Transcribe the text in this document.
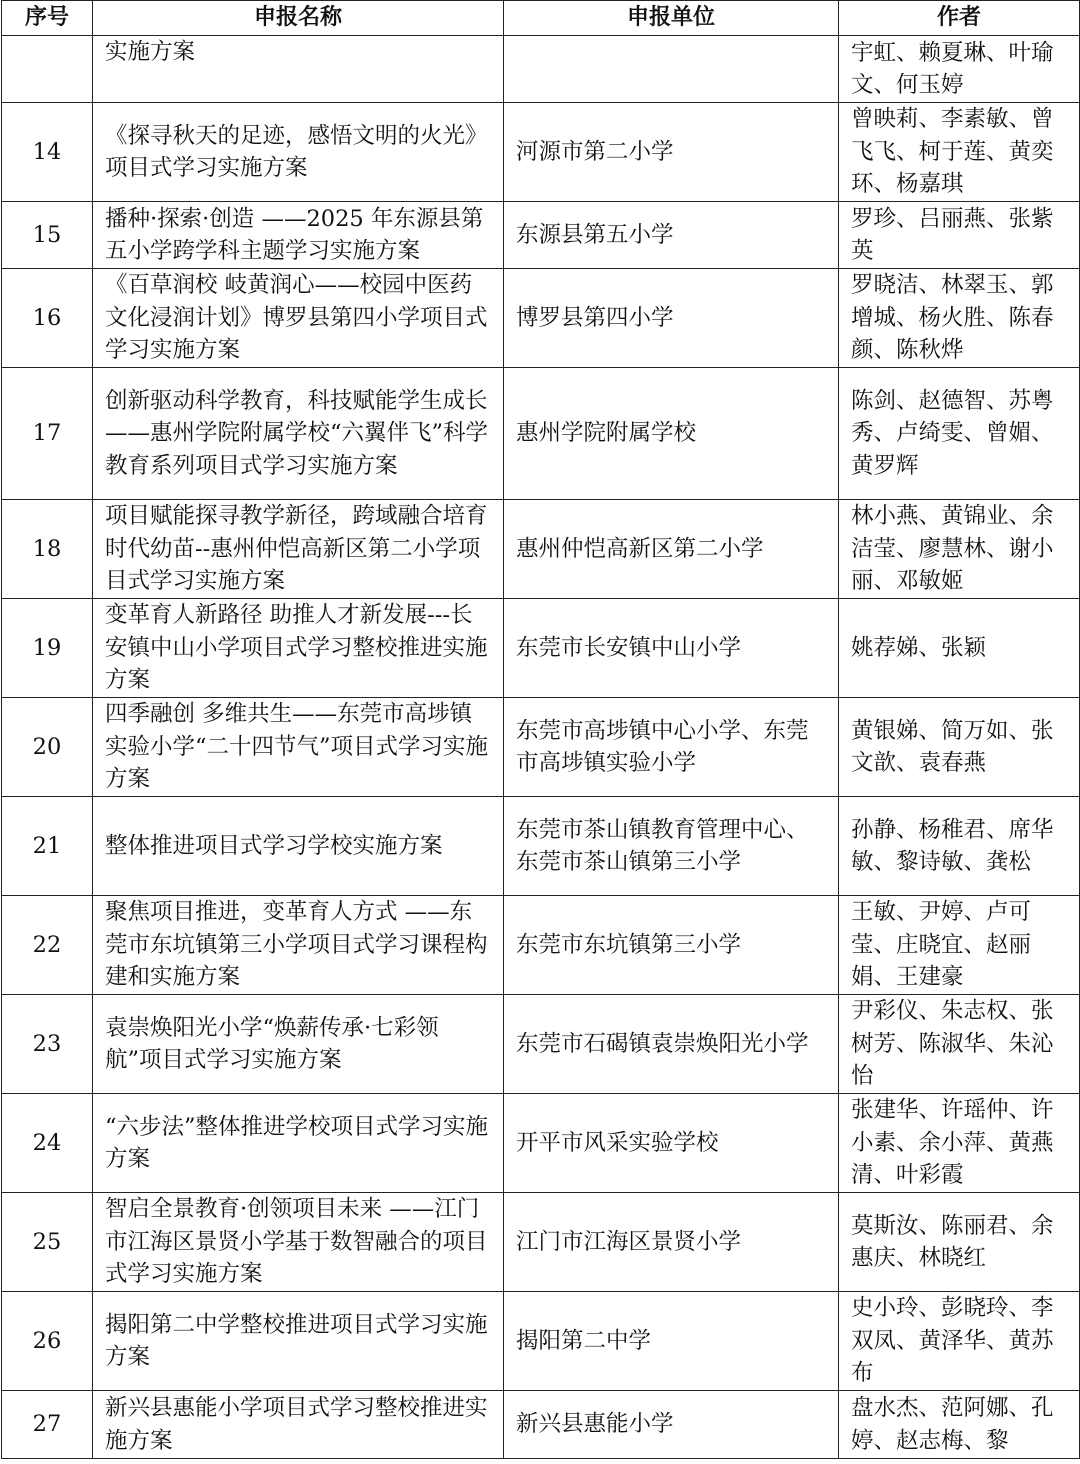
序号	申报名称	申报单位	作者
	实施方案		宇虹、赖夏琳、叶瑜文、何玉婷
14	《探寻秋天的足迹，感悟文明的火光》项目式学习实施方案	河源市第二小学	曾映莉、李素敏、曾飞飞、柯于莲、黄奕环、杨嘉琪
15	播种·探索·创造 ——2025 年东源县第五小学跨学科主题学习实施方案	东源县第五小学	罗珍、吕丽燕、张紫英
16	《百草润校 岐黄润心——校园中医药文化浸润计划》博罗县第四小学项目式学习实施方案	博罗县第四小学	罗晓洁、林翠玉、郭增城、杨火胜、陈春颜、陈秋烨
17	创新驱动科学教育，科技赋能学生成长 ——惠州学院附属学校“六翼伴飞”科学教育系列项目式学习实施方案	惠州学院附属学校	陈剑、赵德智、苏粤秀、卢绮雯、曾媚、黄罗辉
18	项目赋能探寻教学新径，跨域融合培育时代幼苗--惠州仲恺高新区第二小学项目式学习实施方案	惠州仲恺高新区第二小学	林小燕、黄锦业、余洁莹、廖慧林、谢小丽、邓敏姬
19	变革育人新路径 助推人才新发展---长安镇中山小学项目式学习整校推进实施方案	东莞市长安镇中山小学	姚荐娣、张颖
20	四季融创 多维共生——东莞市高埗镇实验小学“二十四节气”项目式学习实施方案	东莞市高埗镇中心小学、东莞市高埗镇实验小学	黄银娣、简万如、张文歆、袁春燕
21	整体推进项目式学习学校实施方案	东莞市茶山镇教育管理中心、东莞市茶山镇第三小学	孙静、杨稚君、席华敏、黎诗敏、龚松
22	聚焦项目推进，变革育人方式 ——东莞市东坑镇第三小学项目式学习课程构建和实施方案	东莞市东坑镇第三小学	王敏、尹婷、卢可莹、庄晓宜、赵丽娟、王建豪
23	袁崇焕阳光小学“焕薪传承·七彩领航”项目式学习实施方案	东莞市石碣镇袁崇焕阳光小学	尹彩仪、朱志权、张树芳、陈淑华、朱沁怡
24	“六步法”整体推进学校项目式学习实施方案	开平市风采实验学校	张建华、许瑶仲、许小素、余小萍、黄燕清、叶彩霞
25	智启全景教育·创领项目未来 ——江门市江海区景贤小学基于数智融合的项目式学习实施方案	江门市江海区景贤小学	莫斯汝、陈丽君、余惠庆、林晓红
26	揭阳第二中学整校推进项目式学习实施方案	揭阳第二中学	史小玲、彭晓玲、李双凤、黄泽华、黄苏布
27	新兴县惠能小学项目式学习整校推进实施方案	新兴县惠能小学	盘水杰、范阿娜、孔婷、赵志梅、黎
